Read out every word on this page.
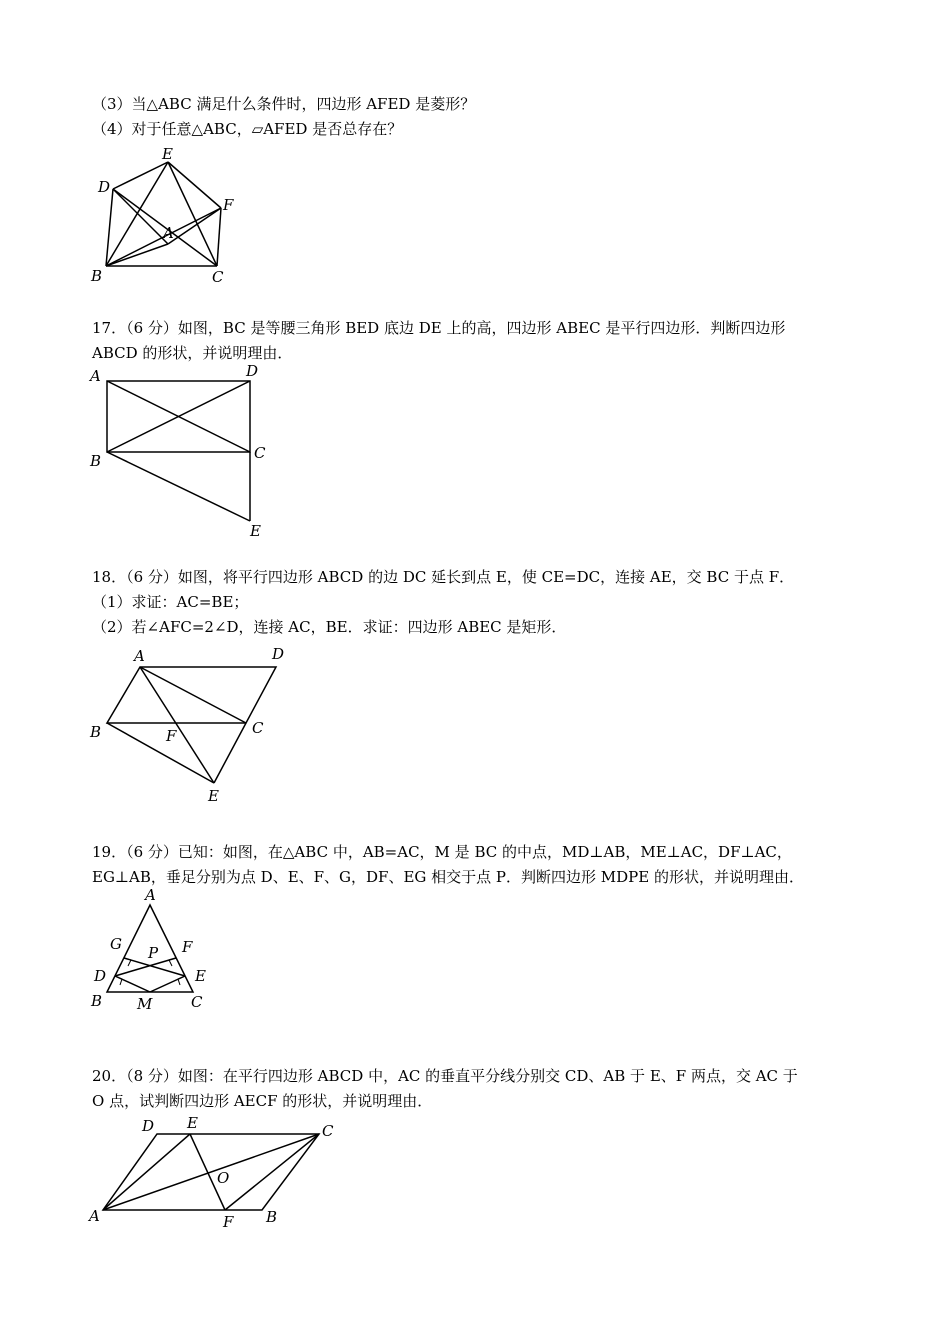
（3）当△ABC 满足什么条件时，四边形 AFED 是菱形？
（4）对于任意△ABC，▱AFED 是否总存在？
E
D
F
A
B	C
17．（6 分）如图，BC 是等腰三角形 BED 底边 DE 上的高，四边形 ABEC 是平行四边形．判断四边形
ABCD 的形状，并说明理由．
A	D
B	C
E
18．（6 分）如图，将平行四边形 ABCD 的边 DC 延长到点 E，使 CE=DC，连接 AE，交 BC 于点 F．
（1）求证：AC=BE；
（2）若∠AFC=2∠D，连接 AC，BE．求证：四边形 ABEC 是矩形．
A	D
B	C
F
E
19．（6 分）已知：如图，在△ABC 中，AB=AC，M 是 BC 的中点，MD⊥AB，ME⊥AC，DF⊥AC，
EG⊥AB，垂足分别为点 D、E、F、G，DF、EG 相交于点 P．判断四边形 MDPE 的形状，并说明理由．
A
G P F
D	E
B M	C
20．（8 分）如图：在平行四边形 ABCD 中，AC 的垂直平分线分别交 CD、AB 于 E、F 两点，交 AC 于
O 点，试判断四边形 AECF 的形状，并说明理由．
D E	C
O
A	F B
